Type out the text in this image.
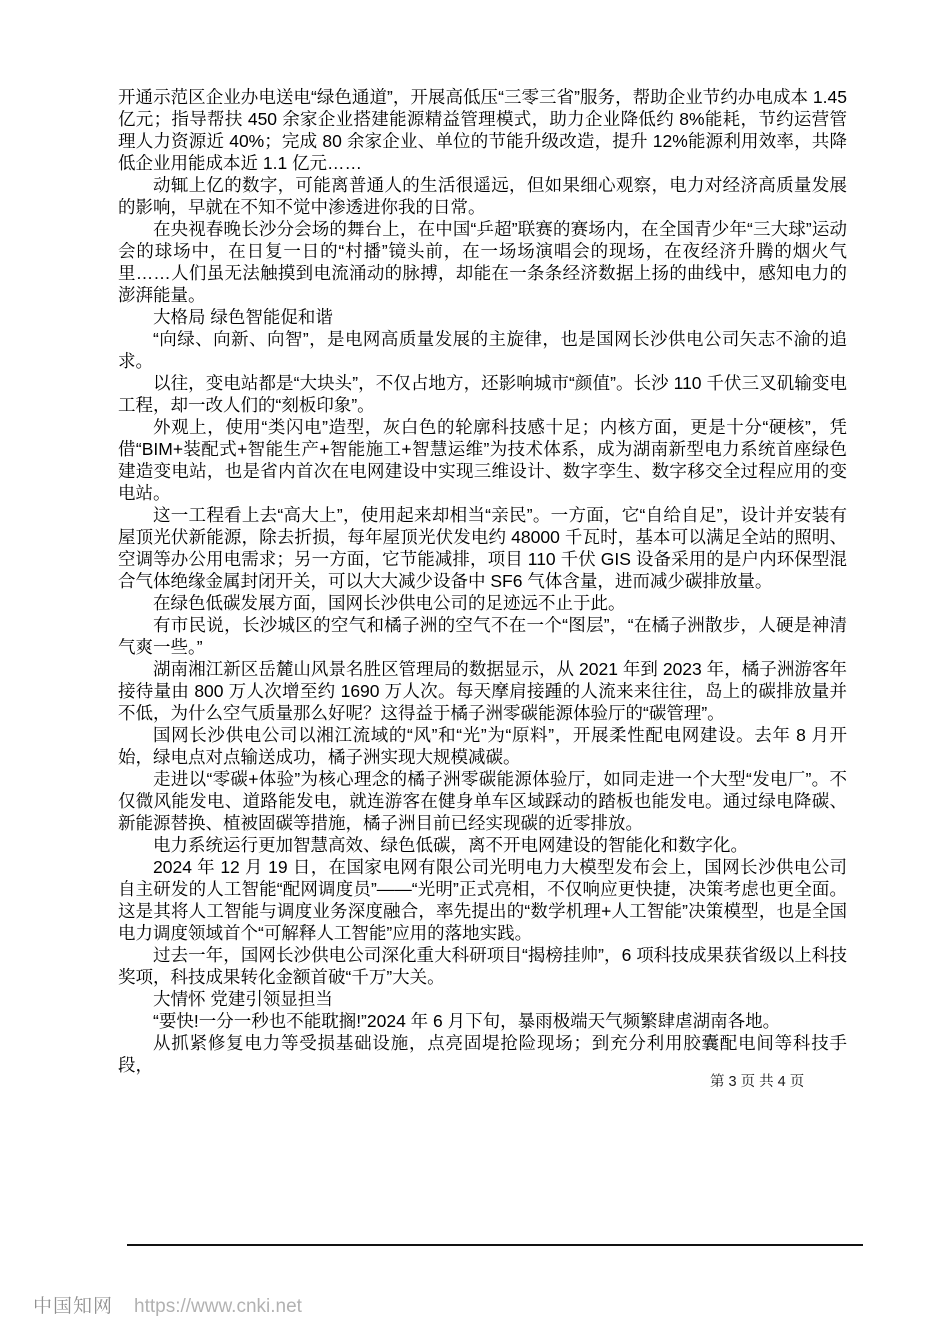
开通示范区企业办电送电“绿色通道”，开展高低压“三零三省”服务，帮助企业节约办电成本 1.45 亿元；指导帮扶 450 余家企业搭建能源精益管理模式，助力企业降低约 8%能耗，节约运营管理人力资源近 40%；完成 80 余家企业、单位的节能升级改造，提升 12%能源利用效率，共降低企业用能成本近 1.1 亿元……

动辄上亿的数字，可能离普通人的生活很遥远，但如果细心观察，电力对经济高质量发展的影响，早就在不知不觉中渗透进你我的日常。

在央视春晚长沙分会场的舞台上，在中国“乒超”联赛的赛场内，在全国青少年“三大球”运动会的球场中，在日复一日的“村播”镜头前，在一场场演唱会的现场，在夜经济升腾的烟火气里……人们虽无法触摸到电流涌动的脉搏，却能在一条条经济数据上扬的曲线中，感知电力的澎湃能量。

大格局 绿色智能促和谐

“向绿、向新、向智”，是电网高质量发展的主旋律，也是国网长沙供电公司矢志不渝的追求。

以往，变电站都是“大块头”，不仅占地方，还影响城市“颜值”。长沙 110 千伏三叉矶输变电工程，却一改人们的“刻板印象”。

外观上，使用“类闪电”造型，灰白色的轮廓科技感十足；内核方面，更是十分“硬核”，凭借“BIM+装配式+智能生产+智能施工+智慧运维”为技术体系，成为湖南新型电力系统首座绿色建造变电站，也是省内首次在电网建设中实现三维设计、数字孪生、数字移交全过程应用的变电站。

这一工程看上去“高大上”，使用起来却相当“亲民”。一方面，它“自给自足”，设计并安装有屋顶光伏新能源，除去折损，每年屋顶光伏发电约 48000 千瓦时，基本可以满足全站的照明、空调等办公用电需求；另一方面，它节能减排，项目 110 千伏 GIS 设备采用的是户内环保型混合气体绝缘金属封闭开关，可以大大减少设备中 SF6 气体含量，进而减少碳排放量。

在绿色低碳发展方面，国网长沙供电公司的足迹远不止于此。

有市民说，长沙城区的空气和橘子洲的空气不在一个“图层”，“在橘子洲散步，人硬是神清气爽一些。”

湖南湘江新区岳麓山风景名胜区管理局的数据显示，从 2021 年到 2023 年，橘子洲游客年接待量由 800 万人次增至约 1690 万人次。每天摩肩接踵的人流来来往往，岛上的碳排放量并不低，为什么空气质量那么好呢？这得益于橘子洲零碳能源体验厅的“碳管理”。

国网长沙供电公司以湘江流域的“风”和“光”为“原料”，开展柔性配电网建设。去年 8 月开始，绿电点对点输送成功，橘子洲实现大规模减碳。

走进以“零碳+体验”为核心理念的橘子洲零碳能源体验厅，如同走进一个大型“发电厂”。不仅微风能发电、道路能发电，就连游客在健身单车区域踩动的踏板也能发电。通过绿电降碳、新能源替换、植被固碳等措施，橘子洲目前已经实现碳的近零排放。

电力系统运行更加智慧高效、绿色低碳，离不开电网建设的智能化和数字化。

2024 年 12 月 19 日，在国家电网有限公司光明电力大模型发布会上，国网长沙供电公司自主研发的人工智能“配网调度员”——“光明”正式亮相，不仅响应更快捷，决策考虑也更全面。这是其将人工智能与调度业务深度融合，率先提出的“数学机理+人工智能”决策模型，也是全国电力调度领域首个“可解释人工智能”应用的落地实践。

过去一年，国网长沙供电公司深化重大科研项目“揭榜挂帅”，6 项科技成果获省级以上科技奖项，科技成果转化金额首破“千万”大关。

大情怀 党建引领显担当

“要快!一分一秒也不能耽搁!”2024 年 6 月下旬，暴雨极端天气频繁肆虐湖南各地。

从抓紧修复电力等受损基础设施，点亮固堤抢险现场；到充分利用胶囊配电间等科技手段，

第 3 页 共 4 页
中国知网 https://www.cnki.net
